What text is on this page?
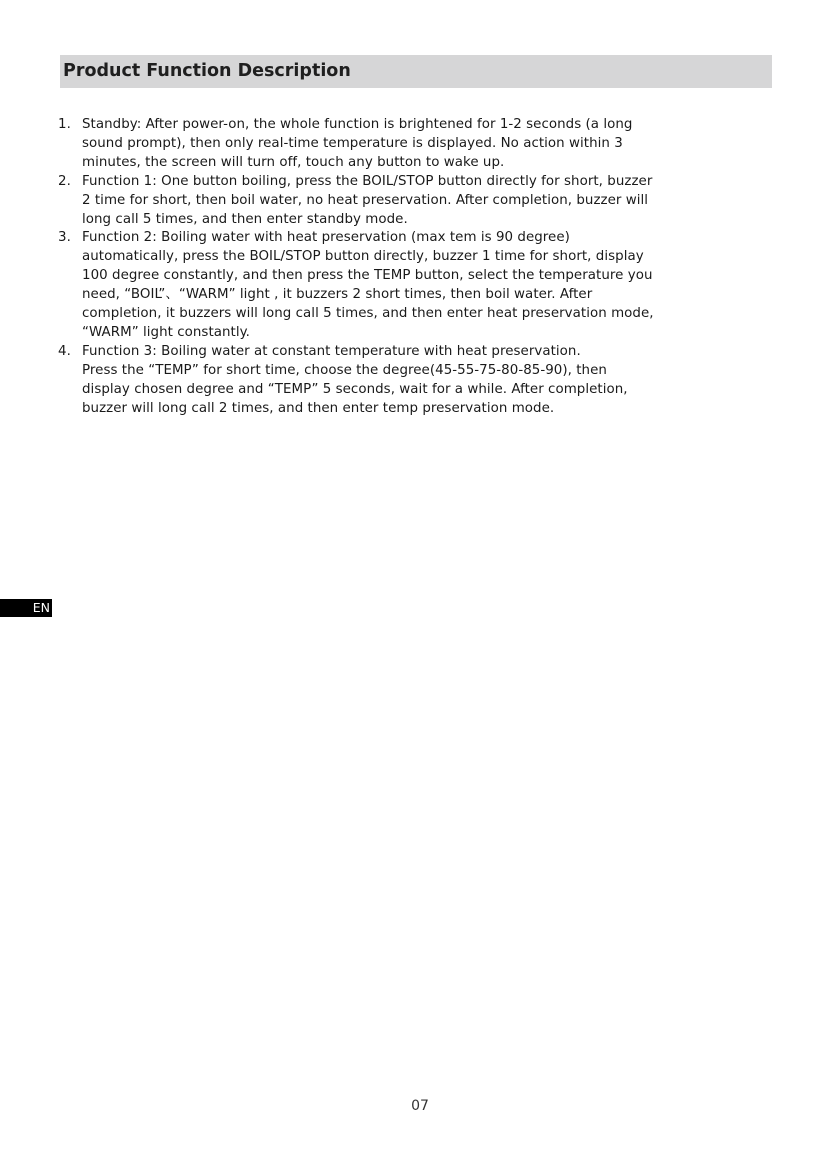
Product Function Description
1. Standby: After power-on, the whole function is brightened for 1-2 seconds (a long
sound prompt), then only real-time temperature is displayed. No action within 3
minutes, the screen will turn off, touch any button to wake up.
2. Function 1: One button boiling, press the BOIL/STOP button directly for short, buzzer
2 time for short, then boil water, no heat preservation. After completion, buzzer will
long call 5 times, and then enter standby mode.
3. Function 2: Boiling water with heat preservation (max tem is 90 degree)
automatically, press the BOIL/STOP button directly, buzzer 1 time for short, display
100 degree constantly, and then press the TEMP button, select the temperature you
need, “BOIL”、“WARM” light , it buzzers 2 short times, then boil water. After
completion, it buzzers will long call 5 times, and then enter heat preservation mode,
“WARM” light constantly.
4. Function 3: Boiling water at constant temperature with heat preservation.
Press the “TEMP” for short time, choose the degree(45-55-75-80-85-90), then
display chosen degree and “TEMP” 5 seconds, wait for a while. After completion,
buzzer will long call 2 times, and then enter temp preservation mode.
EN
07
